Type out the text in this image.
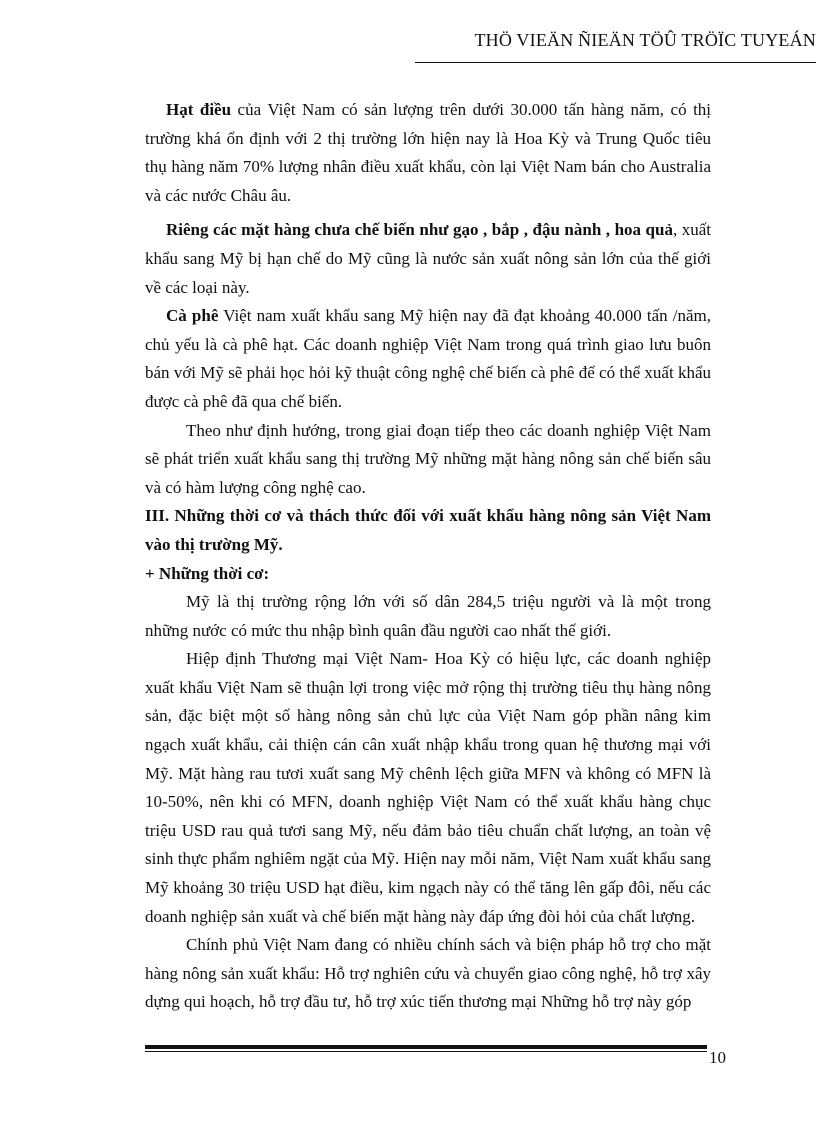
THÖ VIEÄN ÑIEÄN TÖÛ TRÖÏC TUYEÁN

Hạt điều của Việt Nam có sản lượng trên dưới 30.000 tấn hàng năm, có thị trường khá ổn định với 2 thị trường lớn hiện nay là Hoa Kỳ và Trung Quốc tiêu thụ hàng năm 70% lượng nhân điều xuất khẩu, còn lại Việt Nam bán cho Australia và các nước Châu âu.

Riêng các mặt hàng chưa chế biến như gạo , bắp , đậu nành , hoa quả, xuất khẩu sang Mỹ bị hạn chế do Mỹ cũng là nước sản xuất nông sản lớn của thế giới về các loại này.

Cà phê Việt nam xuất khẩu sang Mỹ hiện nay đã đạt khoảng 40.000 tấn /năm, chủ yếu là cà phê hạt. Các doanh nghiệp Việt Nam trong quá trình giao lưu buôn bán với Mỹ sẽ phải học hỏi kỹ thuật công nghệ chế biến cà phê để có thể xuất khẩu được cà phê đã qua chế biến.

Theo như định hướng, trong giai đoạn tiếp theo các doanh nghiệp Việt Nam sẽ phát triển xuất khẩu sang thị trường Mỹ những mặt hàng nông sản chế biến sâu và có hàm lượng công nghệ cao.

III. Những thời cơ và thách thức đối với xuất khẩu hàng nông sản Việt Nam vào thị trường Mỹ.

+ Những thời cơ:

Mỹ là thị trường rộng lớn với số dân 284,5 triệu người và là một trong những nước có mức thu nhập bình quân đầu người cao nhất thế giới.

Hiệp định Thương mại Việt Nam- Hoa Kỳ có hiệu lực, các doanh nghiệp xuất khẩu Việt Nam sẽ thuận lợi trong việc mở rộng thị trường tiêu thụ hàng nông sản, đặc biệt một số hàng nông sản chủ lực của Việt Nam góp phần nâng kim ngạch xuất khẩu, cải thiện cán cân xuất nhập khẩu trong quan hệ thương mại với Mỹ. Mặt hàng rau tươi xuất sang Mỹ chênh lệch giữa MFN và không có MFN là 10-50%, nên khi có MFN, doanh nghiệp Việt Nam có thể xuất khẩu hàng chục triệu USD rau quả tươi sang Mỹ, nếu đảm bảo tiêu chuẩn chất lượng, an toàn vệ sinh thực phẩm nghiêm ngặt của Mỹ. Hiện nay mỗi năm, Việt Nam xuất khẩu sang Mỹ khoảng 30 triệu USD hạt điều, kim ngạch này có thể tăng lên gấp đôi, nếu các doanh nghiệp sản xuất và chế biến mặt hàng này đáp ứng đòi hỏi của chất lượng.

Chính phủ Việt Nam đang có nhiều chính sách và biện pháp hỗ trợ cho mặt hàng nông sản xuất khẩu: Hỗ trợ nghiên cứu và chuyển giao công nghệ, hỗ trợ xây dựng qui hoạch, hỗ trợ đầu tư, hỗ trợ xúc tiến thương mại Những hỗ trợ này góp

10
